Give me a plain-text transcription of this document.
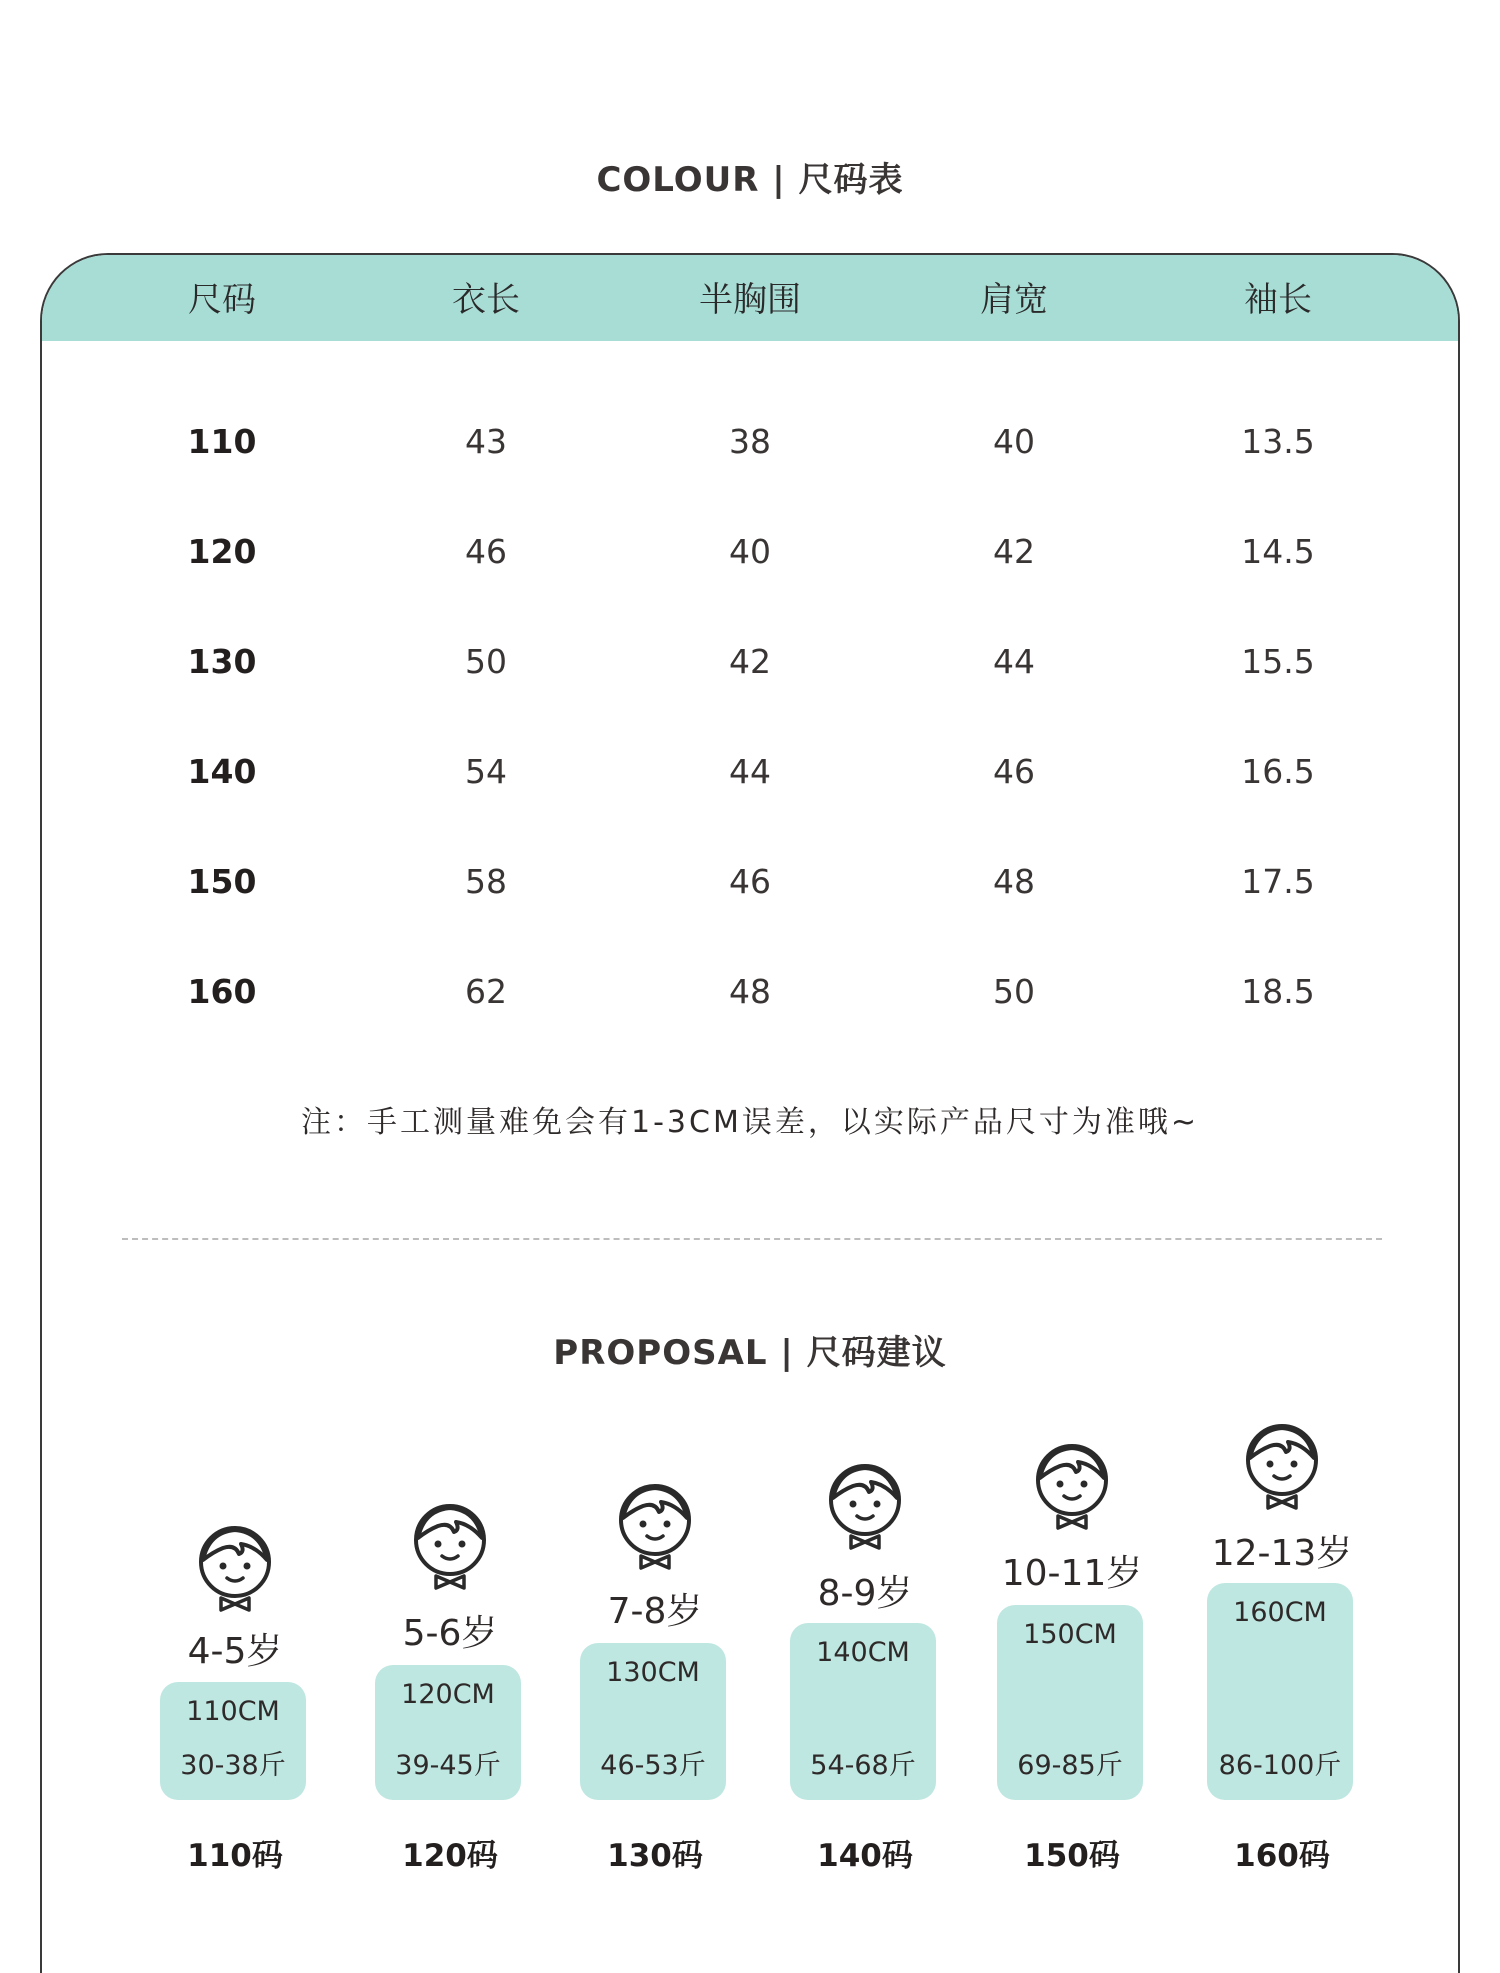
COLOUR | 尺码表
尺码	衣长	半胸围	肩宽	袖长
110	43	38	40	13.5
120	46	40	42	14.5
130	50	42	44	15.5
140	54	44	46	16.5
150	58	46	48	17.5
160	62	48	50	18.5
注：手工测量难免会有1-3CM误差，以实际产品尺寸为准哦~
PROPOSAL | 尺码建议
4-5岁
110CM
30-38斤
110码
5-6岁
120CM
39-45斤
120码
7-8岁
130CM
46-53斤
130码
8-9岁
140CM
54-68斤
140码
10-11岁
150CM
69-85斤
150码
12-13岁
160CM
86-100斤
160码
